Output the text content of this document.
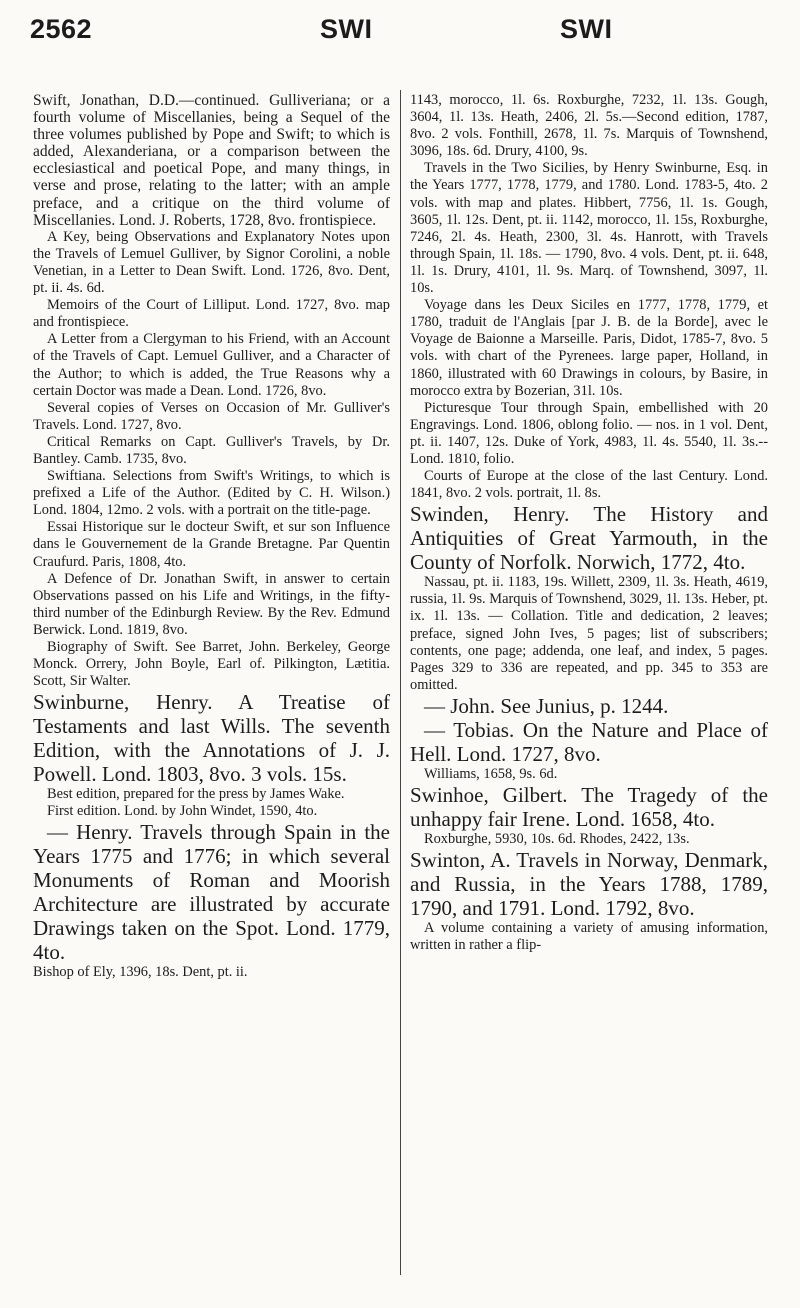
2562	SWI	SWI

Swift, Jonathan, D.D.—continued. Gulliveriana; or a fourth volume of Miscellanies, being a Sequel of the three volumes published by Pope and Swift; to which is added, Alexanderiana, or a comparison between the ecclesiastical and poetical Pope, and many things, in verse and prose, relating to the latter; with an ample preface, and a critique on the third volume of Miscellanies. Lond. J. Roberts, 1728, 8vo. frontispiece.

A Key, being Observations and Explanatory Notes upon the Travels of Lemuel Gulliver, by Signor Corolini, a noble Venetian, in a Letter to Dean Swift. Lond. 1726, 8vo. Dent, pt. ii. 4s. 6d.

Memoirs of the Court of Lilliput. Lond. 1727, 8vo. map and frontispiece.

A Letter from a Clergyman to his Friend, with an Account of the Travels of Capt. Lemuel Gulliver, and a Character of the Author; to which is added, the True Reasons why a certain Doctor was made a Dean. Lond. 1726, 8vo.

Several copies of Verses on Occasion of Mr. Gulliver's Travels. Lond. 1727, 8vo.

Critical Remarks on Capt. Gulliver's Travels, by Dr. Bantley. Camb. 1735, 8vo.

Swiftiana. Selections from Swift's Writings, to which is prefixed a Life of the Author. (Edited by C. H. Wilson.) Lond. 1804, 12mo. 2 vols. with a portrait on the title-page.

Essai Historique sur le docteur Swift, et sur son Influence dans le Gouvernement de la Grande Bretagne. Par Quentin Craufurd. Paris, 1808, 4to.

A Defence of Dr. Jonathan Swift, in answer to certain Observations passed on his Life and Writings, in the fifty-third number of the Edinburgh Review. By the Rev. Edmund Berwick. Lond. 1819, 8vo.

Biography of Swift. See Barret, John. Berkeley, George Monck. Orrery, John Boyle, Earl of. Pilkington, Lætitia. Scott, Sir Walter.

Swinburne, Henry. A Treatise of Testaments and last Wills. The seventh Edition, with the Annotations of J. J. Powell. Lond. 1803, 8vo. 3 vols. 15s.

Best edition, prepared for the press by James Wake.

First edition. Lond. by John Windet, 1590, 4to.

— Henry. Travels through Spain in the Years 1775 and 1776; in which several Monuments of Roman and Moorish Architecture are illustrated by accurate Drawings taken on the Spot. Lond. 1779, 4to.

Bishop of Ely, 1396, 18s. Dent, pt. ii.

1143, morocco, 1l. 6s. Roxburghe, 7232, 1l. 13s. Gough, 3604, 1l. 13s. Heath, 2406, 2l. 5s.—Second edition, 1787, 8vo. 2 vols. Fonthill, 2678, 1l. 7s. Marquis of Townshend, 3096, 18s. 6d. Drury, 4100, 9s.

Travels in the Two Sicilies, by Henry Swinburne, Esq. in the Years 1777, 1778, 1779, and 1780. Lond. 1783-5, 4to. 2 vols. with map and plates. Hibbert, 7756, 1l. 1s. Gough, 3605, 1l. 12s. Dent, pt. ii. 1142, morocco, 1l. 15s, Roxburghe, 7246, 2l. 4s. Heath, 2300, 3l. 4s. Hanrott, with Travels through Spain, 1l. 18s. — 1790, 8vo. 4 vols. Dent, pt. ii. 648, 1l. 1s. Drury, 4101, 1l. 9s. Marq. of Townshend, 3097, 1l. 10s.

Voyage dans les Deux Siciles en 1777, 1778, 1779, et 1780, traduit de l'Anglais [par J. B. de la Borde], avec le Voyage de Baionne a Marseille. Paris, Didot, 1785-7, 8vo. 5 vols. with chart of the Pyrenees. large paper, Holland, in 1860, illustrated with 60 Drawings in colours, by Basire, in morocco extra by Bozerian, 31l. 10s.

Picturesque Tour through Spain, embellished with 20 Engravings. Lond. 1806, oblong folio. — nos. in 1 vol. Dent, pt. ii. 1407, 12s. Duke of York, 4983, 1l. 4s. 5540, 1l. 3s.--Lond. 1810, folio.

Courts of Europe at the close of the last Century. Lond. 1841, 8vo. 2 vols. portrait, 1l. 8s.

Swinden, Henry. The History and Antiquities of Great Yarmouth, in the County of Norfolk. Norwich, 1772, 4to.

Nassau, pt. ii. 1183, 19s. Willett, 2309, 1l. 3s. Heath, 4619, russia, 1l. 9s. Marquis of Townshend, 3029, 1l. 13s. Heber, pt. ix. 1l. 13s. — Collation. Title and dedication, 2 leaves; preface, signed John Ives, 5 pages; list of subscribers; contents, one page; addenda, one leaf, and index, 5 pages. Pages 329 to 336 are repeated, and pp. 345 to 353 are omitted.

— John. See Junius, p. 1244.

— Tobias. On the Nature and Place of Hell. Lond. 1727, 8vo.

Williams, 1658, 9s. 6d.

Swinhoe, Gilbert. The Tragedy of the unhappy fair Irene. Lond. 1658, 4to.

Roxburghe, 5930, 10s. 6d. Rhodes, 2422, 13s.

Swinton, A. Travels in Norway, Denmark, and Russia, in the Years 1788, 1789, 1790, and 1791. Lond. 1792, 8vo.

A volume containing a variety of amusing information, written in rather a flip-
